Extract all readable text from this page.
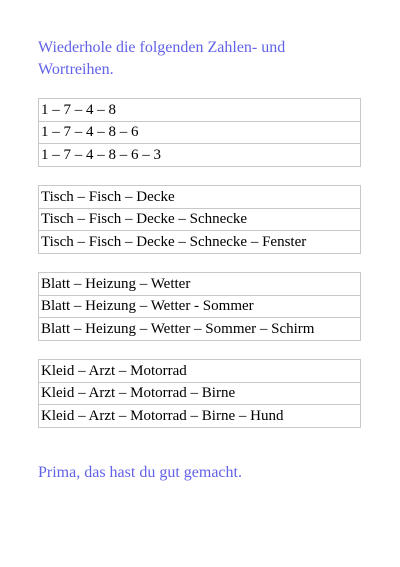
Wiederhole die folgenden Zahlen- und Wortreihen.

1 – 7 – 4 – 8
1 – 7 – 4 – 8 – 6
1 – 7 – 4 – 8 – 6 – 3
Tisch – Fisch – Decke
Tisch – Fisch – Decke – Schnecke
Tisch – Fisch – Decke – Schnecke – Fenster
Blatt – Heizung – Wetter
Blatt – Heizung – Wetter - Sommer
Blatt – Heizung – Wetter – Sommer – Schirm
Kleid – Arzt – Motorrad
Kleid – Arzt – Motorrad – Birne
Kleid – Arzt – Motorrad – Birne – Hund

Prima, das hast du gut gemacht.
